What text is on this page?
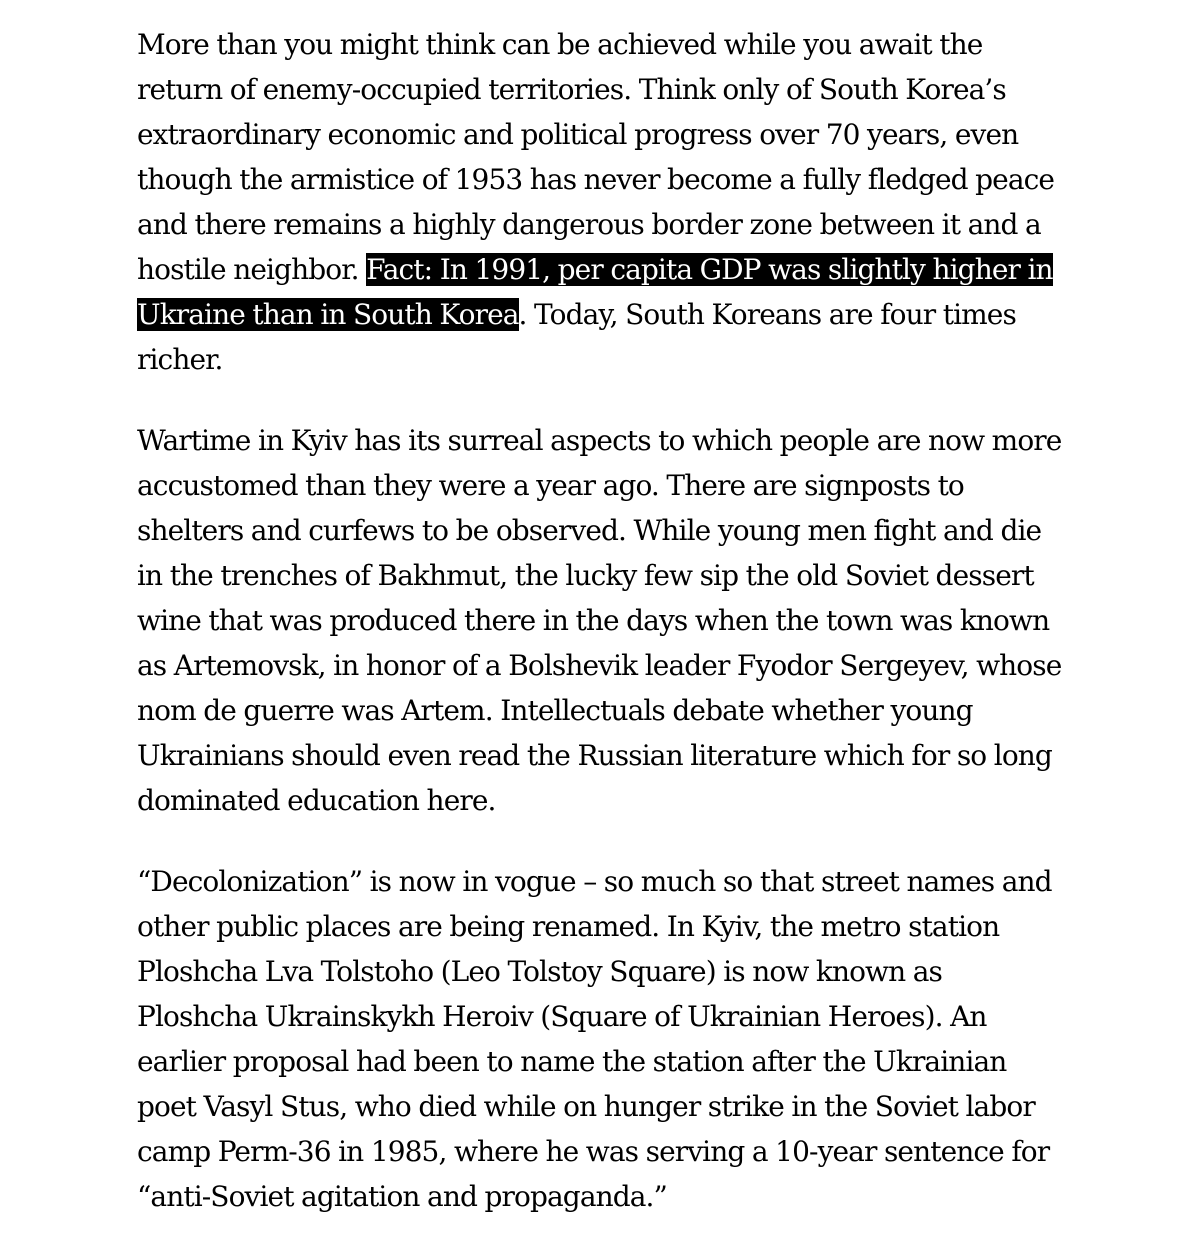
More than you might think can be achieved while you await the return of enemy-occupied territories. Think only of South Korea’s extraordinary economic and political progress over 70 years, even though the armistice of 1953 has never become a fully fledged peace and there remains a highly dangerous border zone between it and a hostile neighbor. Fact: In 1991, per capita GDP was slightly higher in Ukraine than in South Korea. Today, South Koreans are four times richer.

Wartime in Kyiv has its surreal aspects to which people are now more accustomed than they were a year ago. There are signposts to shelters and curfews to be observed. While young men fight and die in the trenches of Bakhmut, the lucky few sip the old Soviet dessert wine that was produced there in the days when the town was known as Artemovsk, in honor of a Bolshevik leader Fyodor Sergeyev, whose nom de guerre was Artem. Intellectuals debate whether young Ukrainians should even read the Russian literature which for so long dominated education here.

“Decolonization” is now in vogue – so much so that street names and other public places are being renamed. In Kyiv, the metro station Ploshcha Lva Tolstoho (Leo Tolstoy Square) is now known as Ploshcha Ukrainskykh Heroiv (Square of Ukrainian Heroes). An earlier proposal had been to name the station after the Ukrainian poet Vasyl Stus, who died while on hunger strike in the Soviet labor camp Perm-36 in 1985, where he was serving a 10-year sentence for “anti-Soviet agitation and propaganda.”
